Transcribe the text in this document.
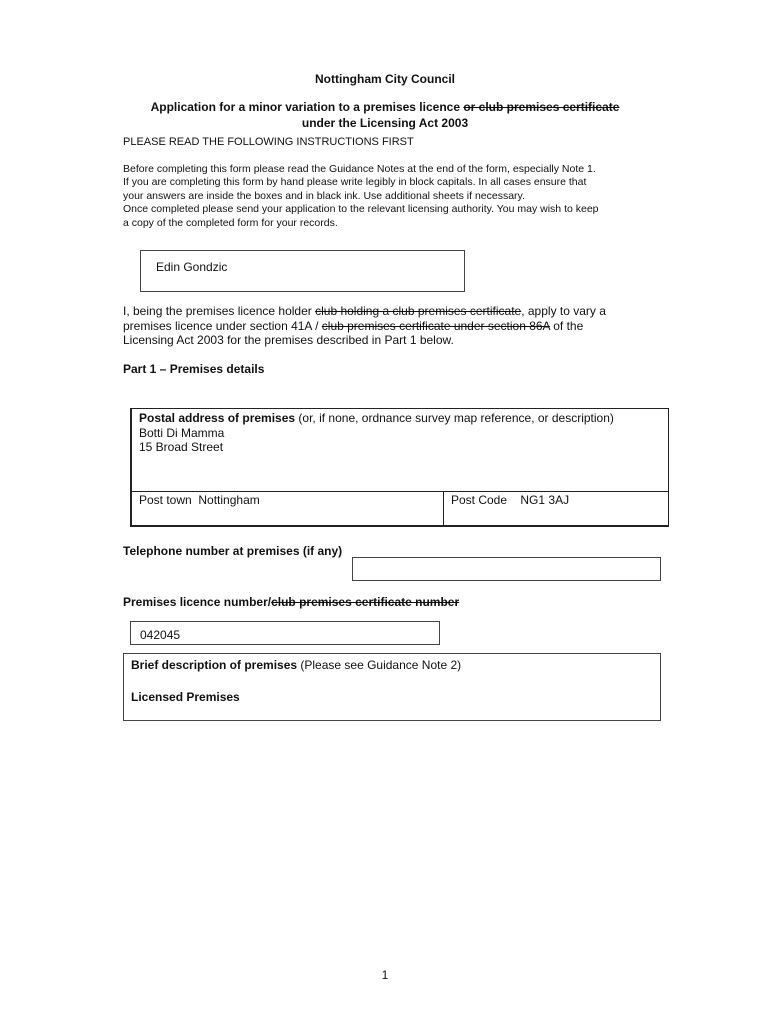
Nottingham City Council
Application for a minor variation to a premises licence or club premises certificate
under the Licensing Act 2003
PLEASE READ THE FOLLOWING INSTRUCTIONS FIRST
Before completing this form please read the Guidance Notes at the end of the form, especially Note 1.
If you are completing this form by hand please write legibly in block capitals. In all cases ensure that
your answers are inside the boxes and in black ink. Use additional sheets if necessary.
Once completed please send your application to the relevant licensing authority. You may wish to keep
a copy of the completed form for your records.
Edin Gondzic
I, being the premises licence holder club holding a club premises certificate, apply to vary a
premises licence under section 41A / club premises certificate under section 86A of the
Licensing Act 2003 for the premises described in Part 1 below.
Part 1 – Premises details
Postal address of premises (or, if none, ordnance survey map reference, or description)
Botti Di Mamma
15 Broad Street
Post town Nottingham	Post Code NG1 3AJ
Telephone number at premises (if any)
Premises licence number/club premises certificate number
042045
Brief description of premises (Please see Guidance Note 2)
Licensed Premises
1
